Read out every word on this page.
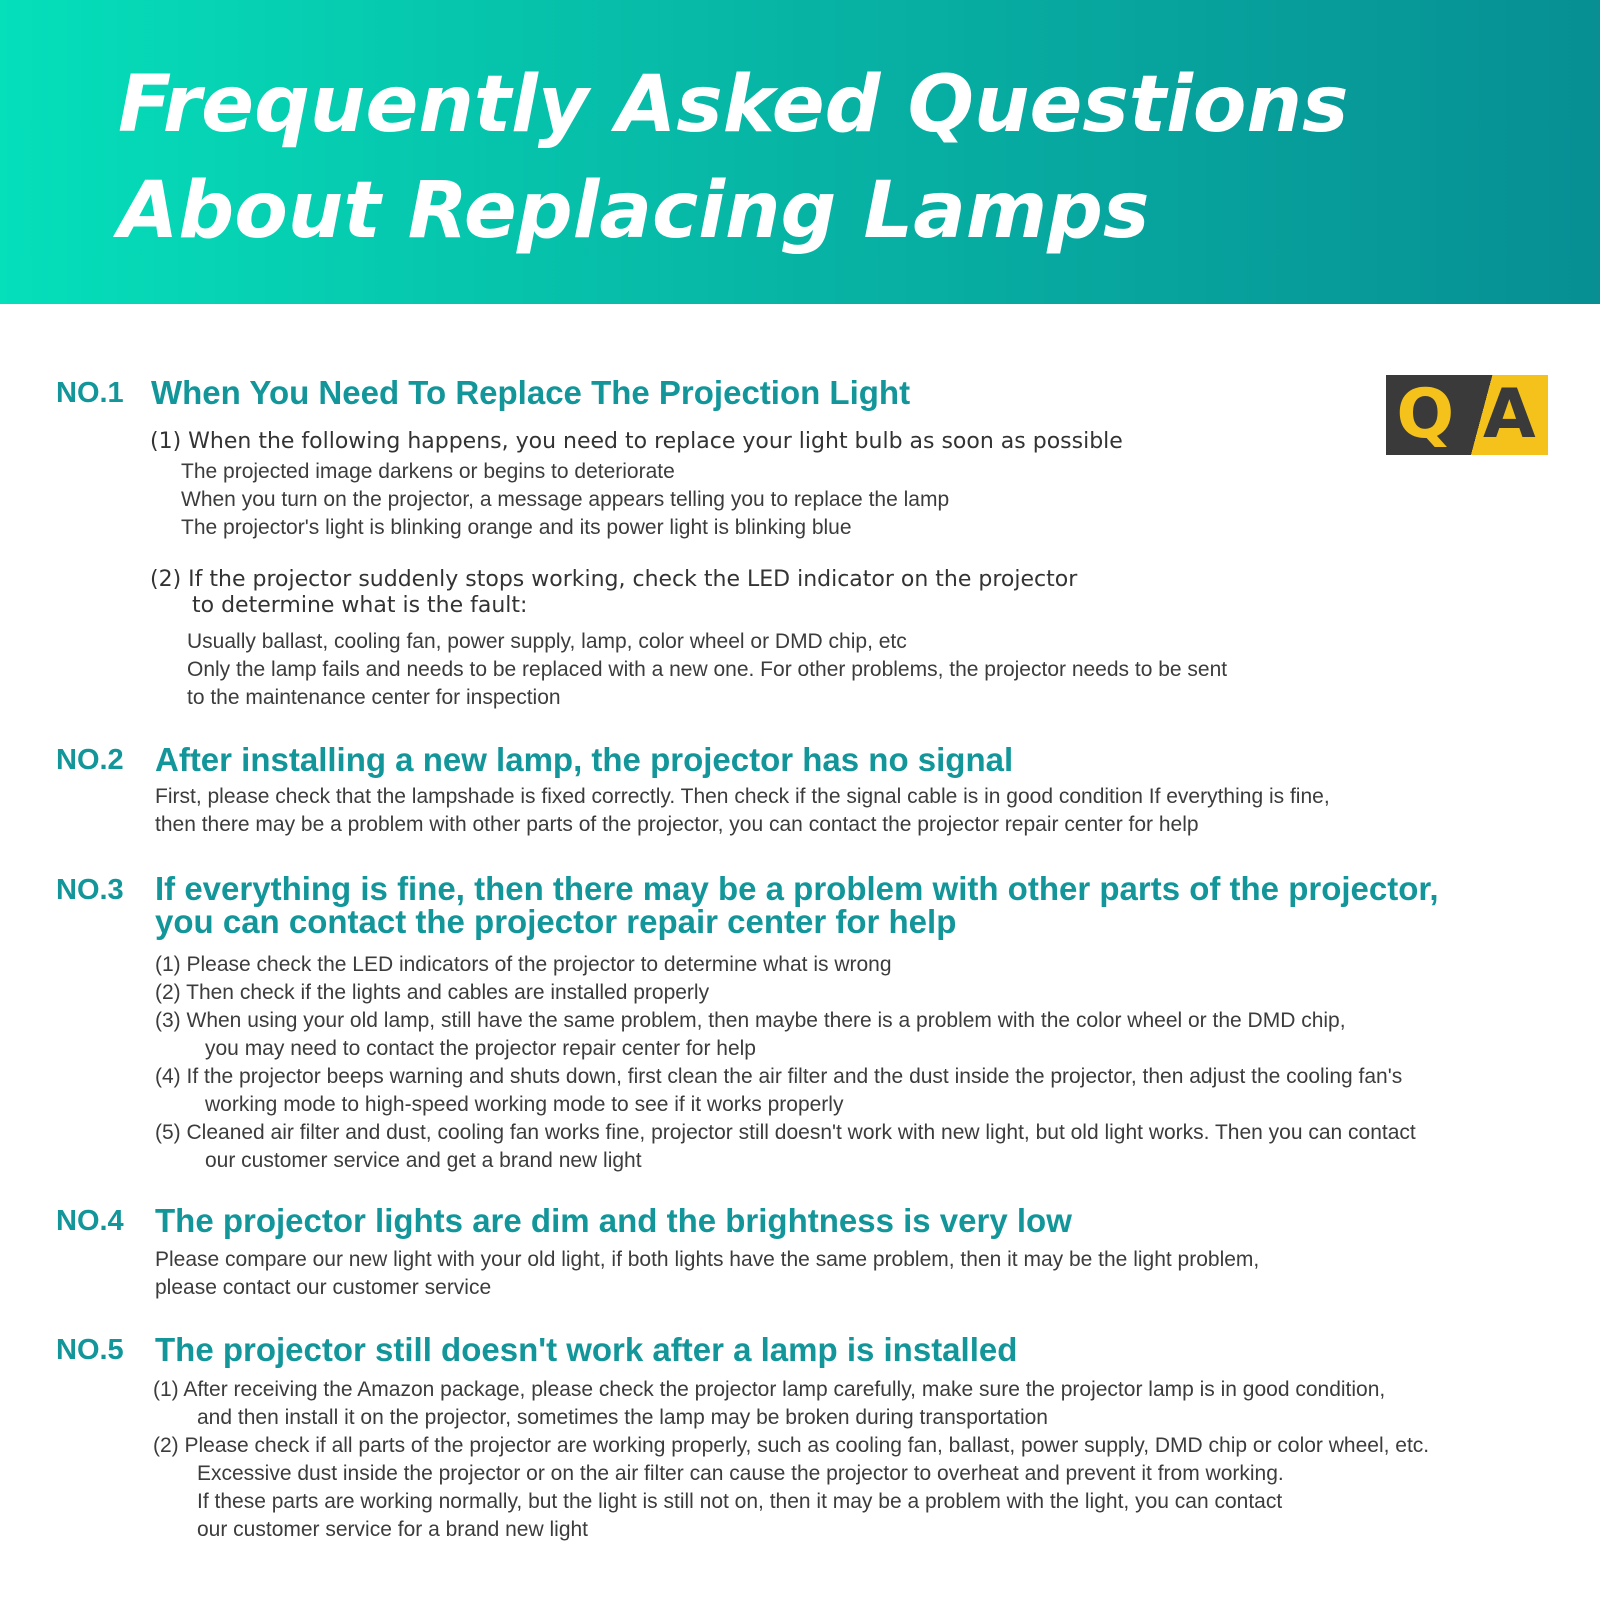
Frequently Asked Questions
About Replacing Lamps
Q/A
NO.1 When You Need To Replace The Projection Light
(1) When the following happens, you need to replace your light bulb as soon as possible
The projected image darkens or begins to deteriorate
When you turn on the projector, a message appears telling you to replace the lamp
The projector's light is blinking orange and its power light is blinking blue
(2) If the projector suddenly stops working, check the LED indicator on the projector
to determine what is the fault:
Usually ballast, cooling fan, power supply, lamp, color wheel or DMD chip, etc
Only the lamp fails and needs to be replaced with a new one. For other problems, the projector needs to be sent
to the maintenance center for inspection
NO.2 After installing a new lamp, the projector has no signal
First, please check that the lampshade is fixed correctly. Then check if the signal cable is in good condition If everything is fine,
then there may be a problem with other parts of the projector, you can contact the projector repair center for help
NO.3 If everything is fine, then there may be a problem with other parts of the projector,
you can contact the projector repair center for help
(1) Please check the LED indicators of the projector to determine what is wrong
(2) Then check if the lights and cables are installed properly
(3) When using your old lamp, still have the same problem, then maybe there is a problem with the color wheel or the DMD chip,
you may need to contact the projector repair center for help
(4) If the projector beeps warning and shuts down, first clean the air filter and the dust inside the projector, then adjust the cooling fan's
working mode to high-speed working mode to see if it works properly
(5) Cleaned air filter and dust, cooling fan works fine, projector still doesn't work with new light, but old light works. Then you can contact
our customer service and get a brand new light
NO.4 The projector lights are dim and the brightness is very low
Please compare our new light with your old light, if both lights have the same problem, then it may be the light problem,
please contact our customer service
NO.5 The projector still doesn't work after a lamp is installed
(1) After receiving the Amazon package, please check the projector lamp carefully, make sure the projector lamp is in good condition,
and then install it on the projector, sometimes the lamp may be broken during transportation
(2) Please check if all parts of the projector are working properly, such as cooling fan, ballast, power supply, DMD chip or color wheel, etc.
Excessive dust inside the projector or on the air filter can cause the projector to overheat and prevent it from working.
If these parts are working normally, but the light is still not on, then it may be a problem with the light, you can contact
our customer service for a brand new light
